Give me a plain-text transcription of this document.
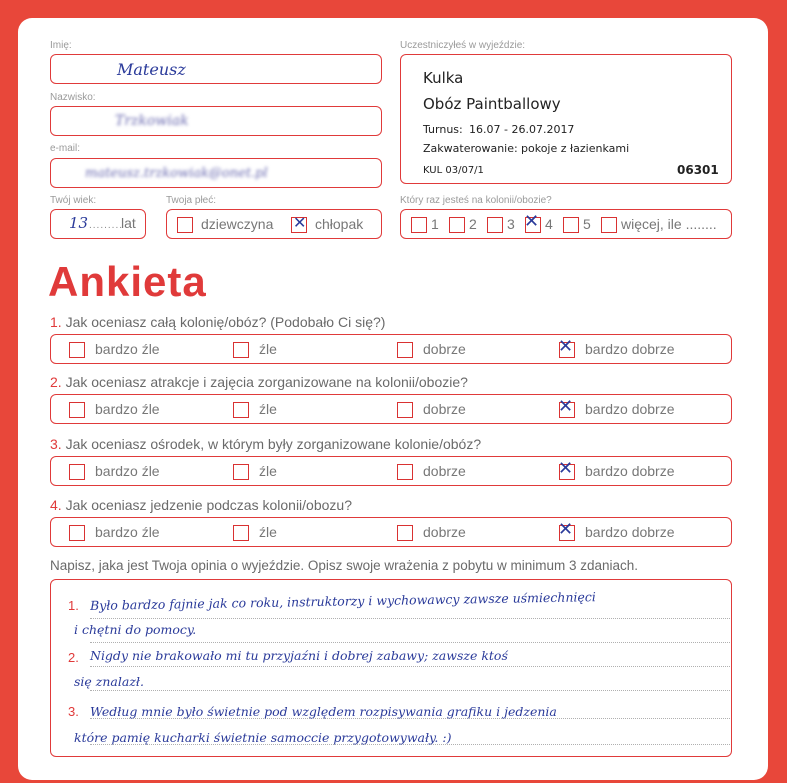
Imię:
Mateusz
Nazwisko:
Trzkowiak
e-mail:
mateusz.trzkowiak@onet.pl
Twój wiek:
13 .........
lat
Twoja płeć:
dziewczyna ✕ chłopak
Uczestniczyłeś w wyjeździe:
Kulka
Obóz Paintballowy
Turnus: 16.07 - 26.07.2017
Zakwaterowanie: pokoje z łazienkami
KUL 03/07/1	06301
Który raz jesteś na kolonii/obozie?
1 2 3 ✕ 4 5 więcej, ile ........
Ankieta
1. Jak oceniasz całą kolonię/obóz? (Podobało Ci się?)
bardzo źle	źle	dobrze	✕ bardzo dobrze
2. Jak oceniasz atrakcje i zajęcia zorganizowane na kolonii/obozie?
bardzo źle	źle	dobrze	✕ bardzo dobrze
3. Jak oceniasz ośrodek, w którym były zorganizowane kolonie/obóz?
bardzo źle	źle	dobrze	✕ bardzo dobrze
4. Jak oceniasz jedzenie podczas kolonii/obozu?
bardzo źle	źle	dobrze	✕ bardzo dobrze
Napisz, jaka jest Twoja opinia o wyjeździe. Opisz swoje wrażenia z pobytu w minimum 3 zdaniach.
1.
2.
3.
Było bardzo fajnie jak co roku, instruktorzy i wychowawcy zawsze uśmiechnięci
i chętni do pomocy.
Nigdy nie brakowało mi tu przyjaźni i dobrej zabawy; zawsze ktoś
się znalazł.
Według mnie było świetnie pod względem rozpisywania grafiku i jedzenia
które pamię kucharki świetnie samoccie przygotowywały. :)
